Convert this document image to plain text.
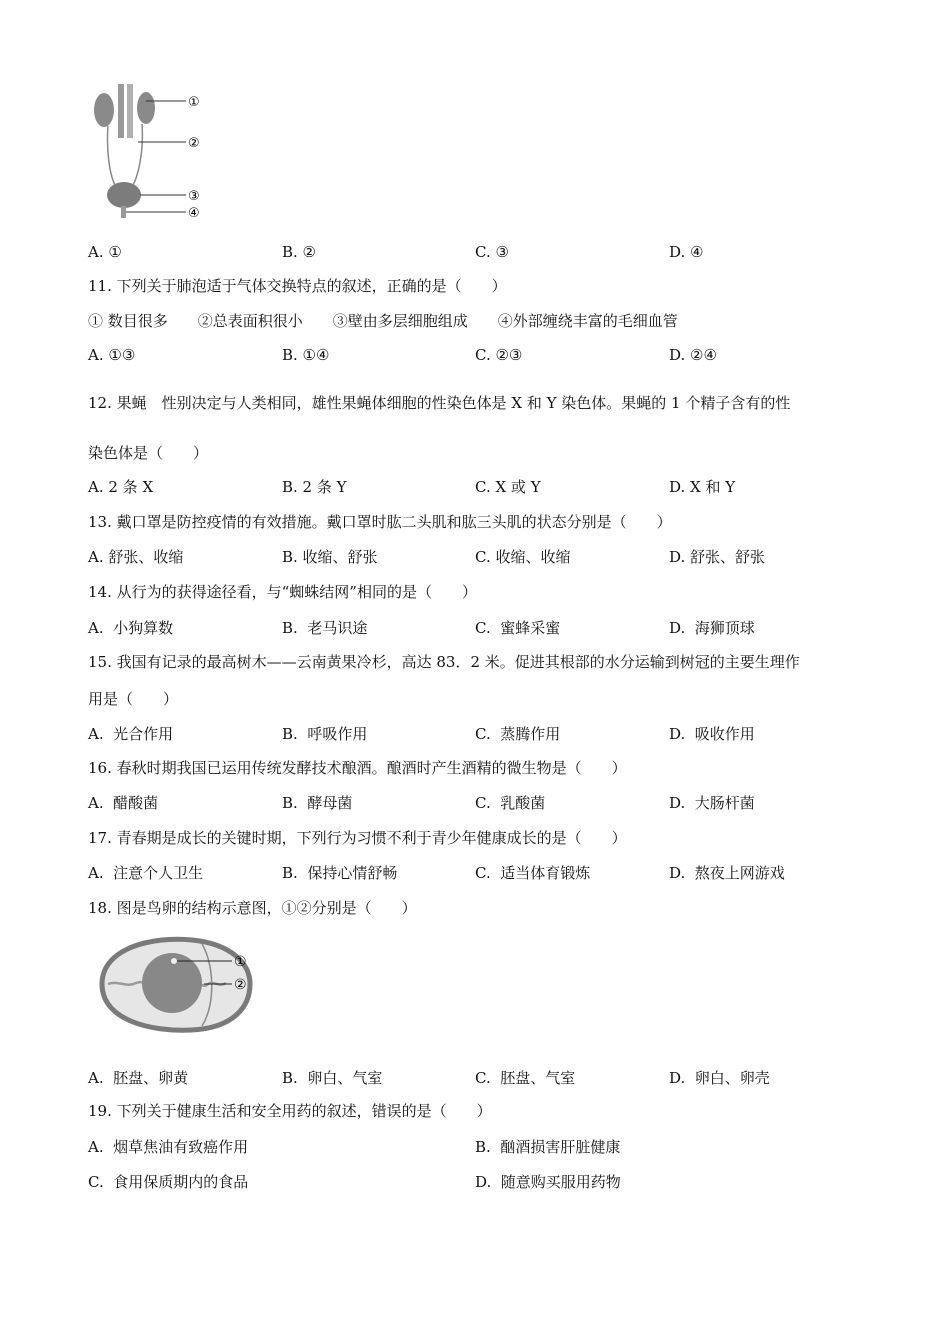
①
②
③
④
A. ①	B. ②	C. ③	D. ④
11. 下列关于肺泡适于气体交换特点的叙述，正确的是（　　）
① 数目很多　　②总表面积很小　　③壁由多层细胞组成　　④外部缠绕丰富的毛细血管
A. ①③	B. ①④	C. ②③	D. ②④
12. 果蝇　性别决定与人类相同，雄性果蝇体细胞的性染色体是 X 和 Y 染色体。果蝇的 1 个精子含有的性
染色体是（　　）
A. 2 条 X	B. 2 条 Y	C. X 或 Y	D. X 和 Y
13. 戴口罩是防控疫情的有效措施。戴口罩时肱二头肌和肱三头肌的状态分别是（　　）
A. 舒张、收缩	B. 收缩、舒张	C. 收缩、收缩	D. 舒张、舒张
14. 从行为的获得途径看，与“蜘蛛结网”相同的是（　　）
A.  小狗算数	B.  老马识途	C.  蜜蜂采蜜	D.  海狮顶球
15. 我国有记录的最高树木——云南黄果冷杉，高达 83．2 米。促进其根部的水分运输到树冠的主要生理作
用是（　　）
A.  光合作用	B.  呼吸作用	C.  蒸腾作用	D.  吸收作用
16. 春秋时期我国已运用传统发酵技术酿酒。酿酒时产生酒精的微生物是（　　）
A.  醋酸菌	B.  酵母菌	C.  乳酸菌	D.  大肠杆菌
17. 青春期是成长的关键时期，下列行为习惯不利于青少年健康成长的是（　　）
A.  注意个人卫生	B.  保持心情舒畅	C.  适当体育锻炼	D.  熬夜上网游戏
18. 图是鸟卵的结构示意图，①②分别是（　　）
①
②
A.  胚盘、卵黄	B.  卵白、气室	C.  胚盘、气室	D.  卵白、卵壳
19. 下列关于健康生活和安全用药的叙述，错误的是（　　）
A.  烟草焦油有致癌作用	B.  酗酒损害肝脏健康
C.  食用保质期内的食品	D.  随意购买服用药物
